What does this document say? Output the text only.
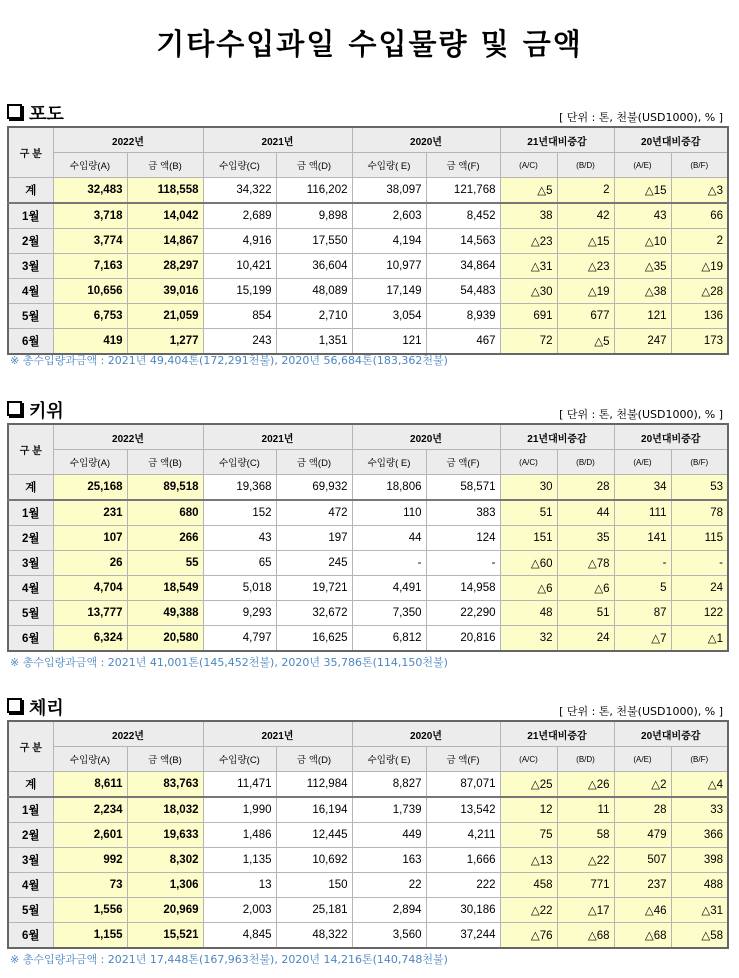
기타수입과일 수입물량 및 금액
포도	[ 단위 : 톤, 천불(USD1000), % ]
구 분	2022년		2021년		2020년		21년대비증감		20년대비증감	
	수입량(A)	금 액(B)	수입량(C)	금 액(D)	수입량( E)	금 액(F)	(A/C)	(B/D)	(A/E)	(B/F)
계	32,483	118,558	34,322	116,202	38,097	121,768	△5	2	△15	△3
1월	3,718	14,042	2,689	9,898	2,603	8,452	38	42	43	66
2월	3,774	14,867	4,916	17,550	4,194	14,563	△23	△15	△10	2
3월	7,163	28,297	10,421	36,604	10,977	34,864	△31	△23	△35	△19
4월	10,656	39,016	15,199	48,089	17,149	54,483	△30	△19	△38	△28
5월	6,753	21,059	854	2,710	3,054	8,939	691	677	121	136
6월	419	1,277	243	1,351	121	467	72	△5	247	173
※ 총수입량과금액 : 2021년 49,404톤(172,291천불), 2020년 56,684톤(183,362천불)
키위	[ 단위 : 톤, 천불(USD1000), % ]
구 분	2022년		2021년		2020년		21년대비증감		20년대비증감	
	수입량(A)	금 액(B)	수입량(C)	금 액(D)	수입량( E)	금 액(F)	(A/C)	(B/D)	(A/E)	(B/F)
계	25,168	89,518	19,368	69,932	18,806	58,571	30	28	34	53
1월	231	680	152	472	110	383	51	44	111	78
2월	107	266	43	197	44	124	151	35	141	115
3월	26	55	65	245	-	-	△60	△78	-	-
4월	4,704	18,549	5,018	19,721	4,491	14,958	△6	△6	5	24
5월	13,777	49,388	9,293	32,672	7,350	22,290	48	51	87	122
6월	6,324	20,580	4,797	16,625	6,812	20,816	32	24	△7	△1
※ 총수입량과금액 : 2021년 41,001톤(145,452천불), 2020년 35,786톤(114,150천불)
체리	[ 단위 : 톤, 천불(USD1000), % ]
구 분	2022년		2021년		2020년		21년대비증감		20년대비증감	
	수입량(A)	금 액(B)	수입량(C)	금 액(D)	수입량( E)	금 액(F)	(A/C)	(B/D)	(A/E)	(B/F)
계	8,611	83,763	11,471	112,984	8,827	87,071	△25	△26	△2	△4
1월	2,234	18,032	1,990	16,194	1,739	13,542	12	11	28	33
2월	2,601	19,633	1,486	12,445	449	4,211	75	58	479	366
3월	992	8,302	1,135	10,692	163	1,666	△13	△22	507	398
4월	73	1,306	13	150	22	222	458	771	237	488
5월	1,556	20,969	2,003	25,181	2,894	30,186	△22	△17	△46	△31
6월	1,155	15,521	4,845	48,322	3,560	37,244	△76	△68	△68	△58
※ 총수입량과금액 : 2021년 17,448톤(167,963천불), 2020년 14,216톤(140,748천불)
